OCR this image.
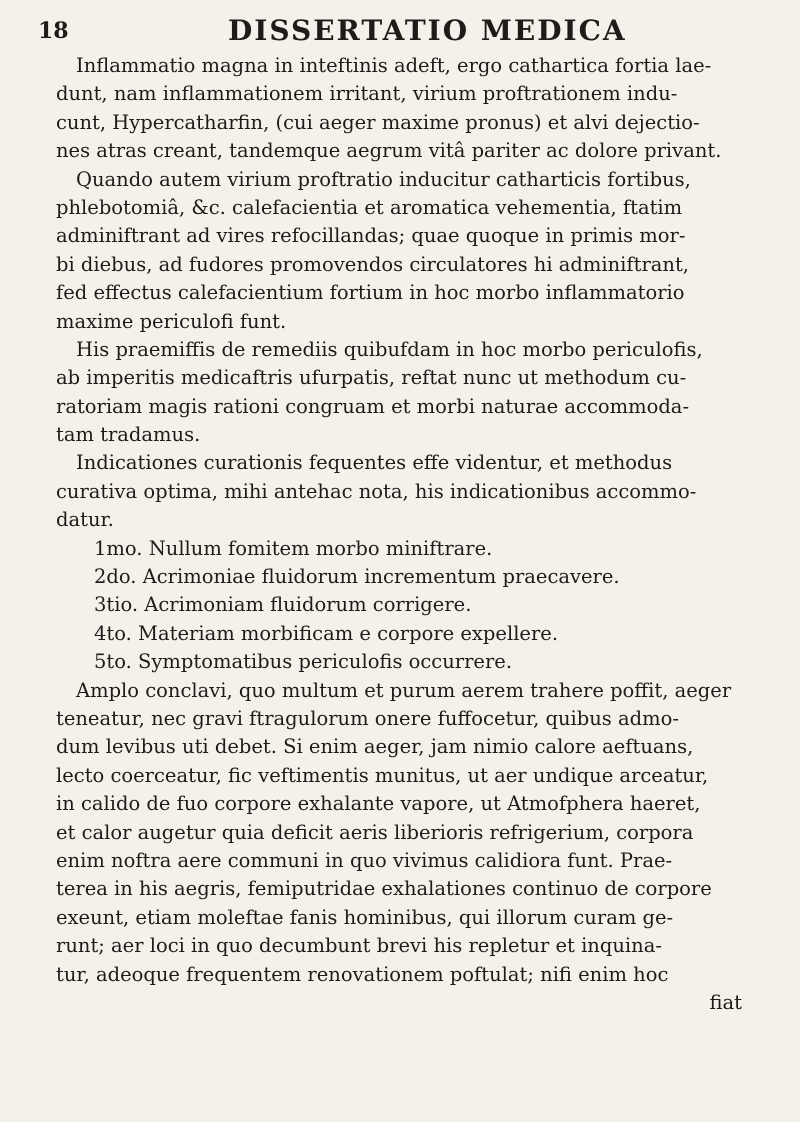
18	DISSERTATIO MEDICA
Inflammatio magna in inteftinis adeft, ergo cathartica fortia lae-
dunt, nam inflammationem irritant, virium proftrationem indu-
cunt, Hypercatharfin, (cui aeger maxime pronus) et alvi dejectio-
nes atras creant, tandemque aegrum vitâ pariter ac dolore privant.
Quando autem virium proftratio inducitur catharticis fortibus,
phlebotomiâ, &c. calefacientia et aromatica vehementia, ftatim
adminiftrant ad vires refocillandas; quae quoque in primis mor-
bi diebus, ad fudores promovendos circulatores hi adminiftrant,
fed effectus calefacientium fortium in hoc morbo inflammatorio
maxime periculofi funt.
His praemiffis de remediis quibufdam in hoc morbo periculofis,
ab imperitis medicaftris ufurpatis, reftat nunc ut methodum cu-
ratoriam magis rationi congruam et morbi naturae accommoda-
tam tradamus.
Indicationes curationis fequentes effe videntur, et methodus
curativa optima, mihi antehac nota, his indicationibus accommo-
datur.
1mo. Nullum fomitem morbo miniftrare.
2do. Acrimoniae fluidorum incrementum praecavere.
3tio. Acrimoniam fluidorum corrigere.
4to. Materiam morbificam e corpore expellere.
5to. Symptomatibus periculofis occurrere.
Amplo conclavi, quo multum et purum aerem trahere poffit, aeger
teneatur, nec gravi ftragulorum onere fuffocetur, quibus admo-
dum levibus uti debet. Si enim aeger, jam nimio calore aeftuans,
lecto coerceatur, fic veftimentis munitus, ut aer undique arceatur,
in calido de fuo corpore exhalante vapore, ut Atmofphera haeret,
et calor augetur quia deficit aeris liberioris refrigerium, corpora
enim noftra aere communi in quo vivimus calidiora funt. Prae-
terea in his aegris, femiputridae exhalationes continuo de corpore
exeunt, etiam moleftae fanis hominibus, qui illorum curam ge-
runt; aer loci in quo decumbunt brevi his repletur et inquina-
tur, adeoque frequentem renovationem poftulat; nifi enim hoc
fiat
